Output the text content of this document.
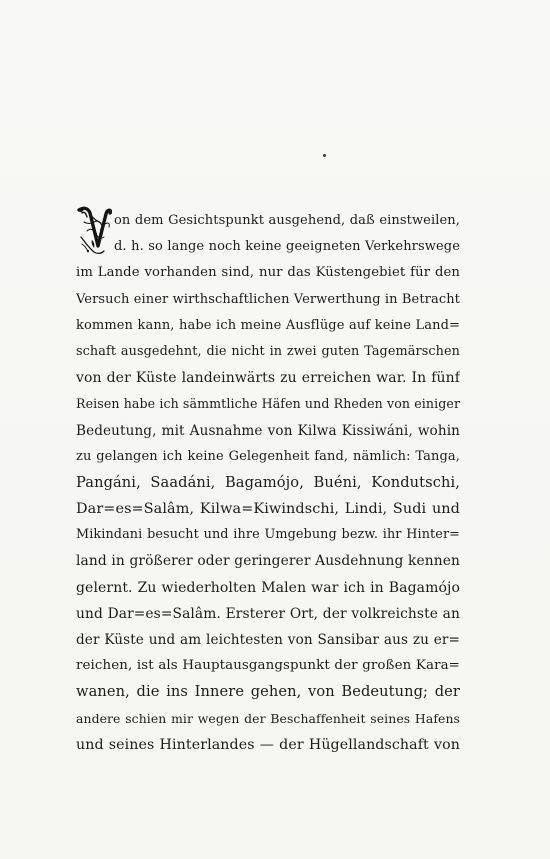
on dem Gesichtspunkt ausgehend, daß einstweilen,
d. h. so lange noch keine geeigneten Verkehrswege
im Lande vorhanden sind, nur das Küstengebiet für den
Versuch einer wirthschaftlichen Verwerthung in Betracht
kommen kann, habe ich meine Ausflüge auf keine Land=
schaft ausgedehnt, die nicht in zwei guten Tagemärschen
von der Küste landeinwärts zu erreichen war. In fünf
Reisen habe ich sämmtliche Häfen und Rheden von einiger
Bedeutung, mit Ausnahme von Kilwa Kissiwáni, wohin
zu gelangen ich keine Gelegenheit fand, nämlich: Tanga,
Pangáni, Saadáni, Bagamójo, Buéni, Kondutschi,
Dar=es=Salâm, Kilwa=Kiwindschi, Lindi, Sudi und
Mikindani besucht und ihre Umgebung bezw. ihr Hinter=
land in größerer oder geringerer Ausdehnung kennen
gelernt. Zu wiederholten Malen war ich in Bagamójo
und Dar=es=Salâm. Ersterer Ort, der volkreichste an
der Küste und am leichtesten von Sansibar aus zu er=
reichen, ist als Hauptausgangspunkt der großen Kara=
wanen, die ins Innere gehen, von Bedeutung; der
andere schien mir wegen der Beschaffenheit seines Hafens
und seines Hinterlandes — der Hügellandschaft von
